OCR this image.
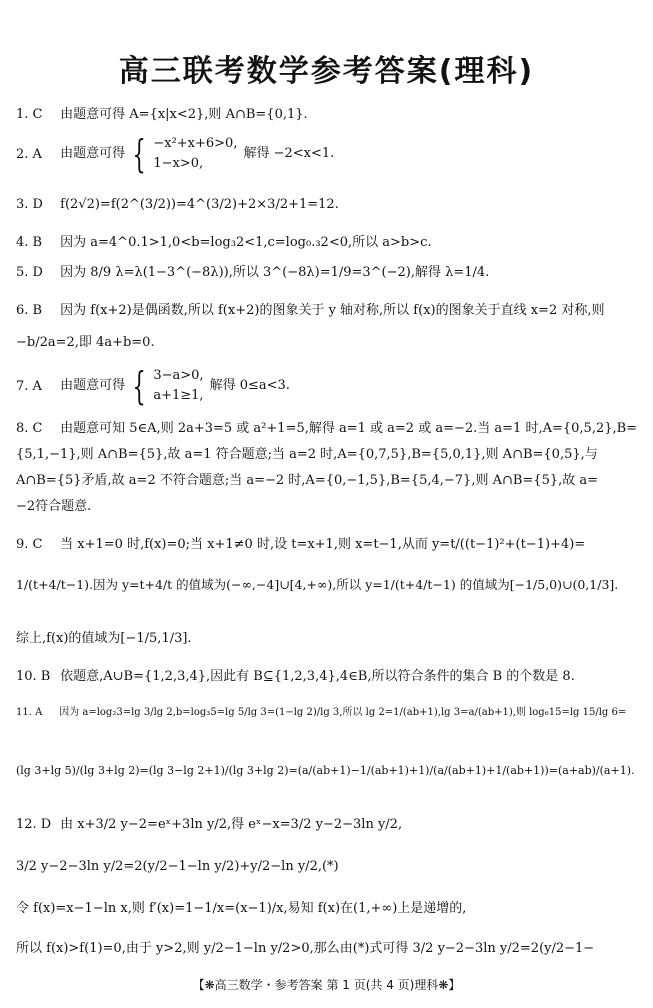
高三联考数学参考答案(理科)
1. C 由题意可得 A={x|x<2},则 A∩B={0,1}.
2. A 由题意可得 { −x²+x+6>0,
1−x>0,
解得 −2<x<1.
3. D f(2√2)=f(2^(3/2))=4^(3/2)+2×3/2+1=12.
4. B 因为 a=4^0.1>1,0<b=log₃2<1,c=log₀.₃2<0,所以 a>b>c.
5. D 因为 8/9 λ=λ(1−3^(−8λ)),所以 3^(−8λ)=1/9=3^(−2),解得 λ=1/4.
6. B 因为 f(x+2)是偶函数,所以 f(x+2)的图象关于 y 轴对称,所以 f(x)的图象关于直线 x=2 对称,则
−b/2a=2,即 4a+b=0.
7. A 由题意可得 { 3−a>0,
a+1≥1,
解得 0≤a<3.
8. C 由题意可知 5∈A,则 2a+3=5 或 a²+1=5,解得 a=1 或 a=2 或 a=−2.当 a=1 时,A={0,5,2},B=
{5,1,−1},则 A∩B={5},故 a=1 符合题意;当 a=2 时,A={0,7,5},B={5,0,1},则 A∩B={0,5},与
A∩B={5}矛盾,故 a=2 不符合题意;当 a=−2 时,A={0,−1,5},B={5,4,−7},则 A∩B={5},故 a=
−2符合题意.
9. C 当 x+1=0 时,f(x)=0;当 x+1≠0 时,设 t=x+1,则 x=t−1,从而 y=t/((t−1)²+(t−1)+4)=
1/(t+4/t−1).因为 y=t+4/t 的值域为(−∞,−4]∪[4,+∞),所以 y=1/(t+4/t−1) 的值域为[−1/5,0)∪(0,1/3].
综上,f(x)的值域为[−1/5,1/3].
10. B 依题意,A∪B={1,2,3,4},因此有 B⊆{1,2,3,4},4∈B,所以符合条件的集合 B 的个数是 8.
11. A 因为 a=log₂3=lg 3/lg 2,b=log₃5=lg 5/lg 3=(1−lg 2)/lg 3,所以 lg 2=1/(ab+1),lg 3=a/(ab+1),则 log₆15=lg 15/lg 6=
(lg 3+lg 5)/(lg 3+lg 2)=(lg 3−lg 2+1)/(lg 3+lg 2)=(a/(ab+1)−1/(ab+1)+1)/(a/(ab+1)+1/(ab+1))=(a+ab)/(a+1).
12. D 由 x+3/2 y−2=eˣ+3ln y/2,得 eˣ−x=3/2 y−2−3ln y/2,
3/2 y−2−3ln y/2=2(y/2−1−ln y/2)+y/2−ln y/2,(*)
令 f(x)=x−1−ln x,则 f′(x)=1−1/x=(x−1)/x,易知 f(x)在(1,+∞)上是递增的,
所以 f(x)>f(1)=0,由于 y>2,则 y/2−1−ln y/2>0,那么由(*)式可得 3/2 y−2−3ln y/2=2(y/2−1−
【❋高三数学・参考答案 第 1 页(共 4 页)理科❋】
